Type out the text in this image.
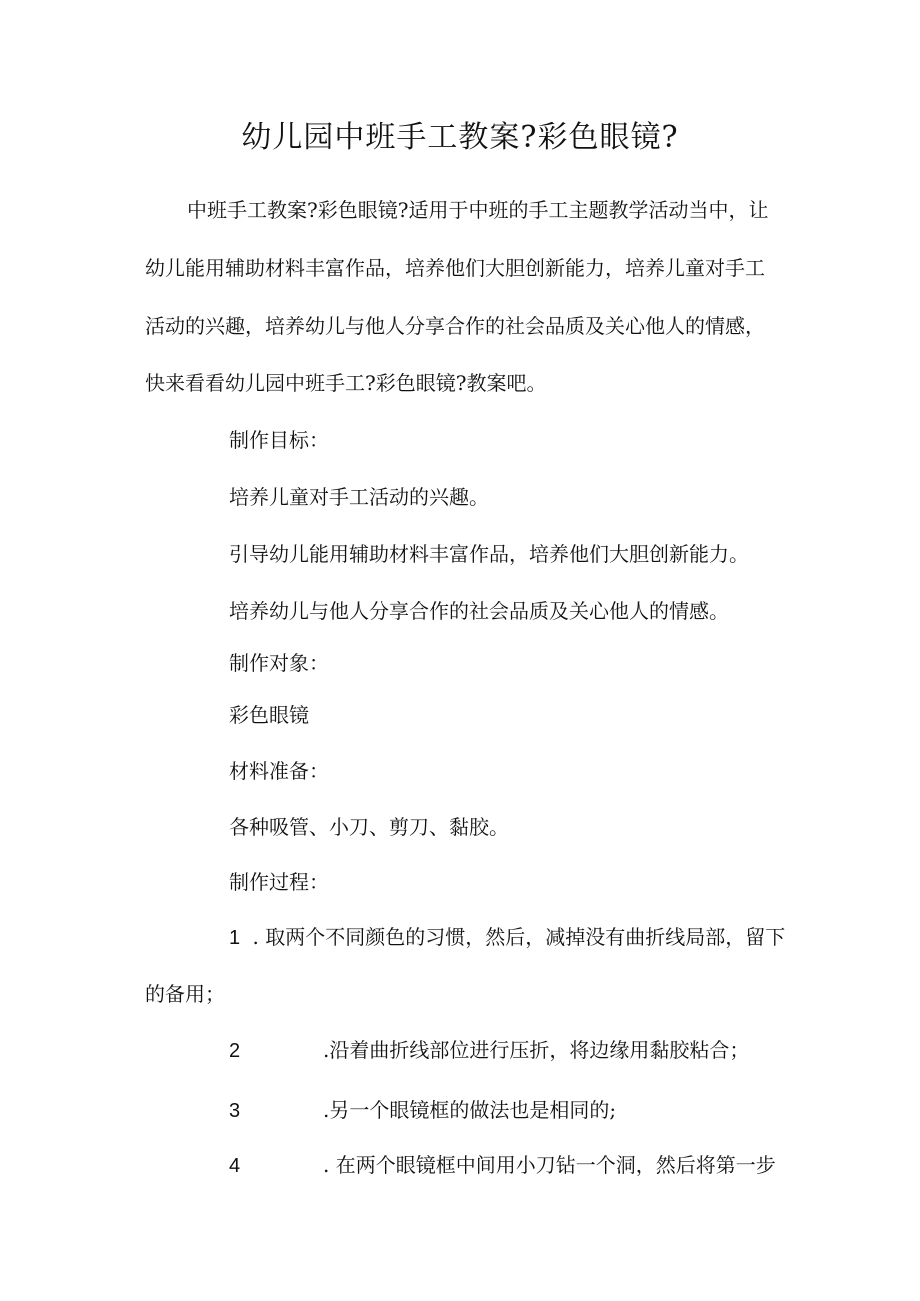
幼儿园中班手工教案?彩色眼镜?
中班手工教案?彩色眼镜?适用于中班的手工主题教学活动当中，让
幼儿能用辅助材料丰富作品，培养他们大胆创新能力，培养儿童对手工
活动的兴趣，培养幼儿与他人分享合作的社会品质及关心他人的情感，
快来看看幼儿园中班手工?彩色眼镜?教案吧。
制作目标：
培养儿童对手工活动的兴趣。
引导幼儿能用辅助材料丰富作品，培养他们大胆创新能力。
培养幼儿与他人分享合作的社会品质及关心他人的情感。
制作对象：
彩色眼镜
材料准备：
各种吸管、小刀、剪刀、黏胶。
制作过程：
1 . 取两个不同颜色的习惯，然后，减掉没有曲折线局部，留下
的备用；
2	.沿着曲折线部位进行压折，将边缘用黏胶粘合；
3	.另一个眼镜框的做法也是相同的;
4	. 在两个眼镜框中间用小刀钻一个洞，然后将第一步
